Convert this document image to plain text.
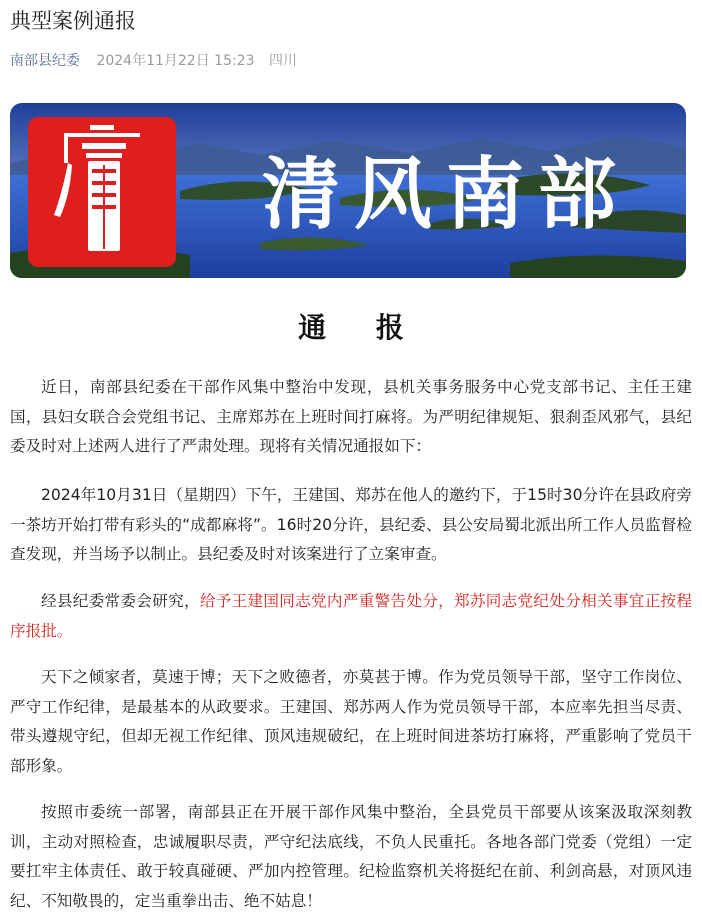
典型案例通报
南部县纪委 2024年11月22日 15:23 四川
清风南部
通 报

近日，南部县纪委在干部作风集中整治中发现，县机关事务服务中心党支部书记、主任王建国，县妇女联合会党组书记、主席郑苏在上班时间打麻将。为严明纪律规矩、狠刹歪风邪气，县纪委及时对上述两人进行了严肃处理。现将有关情况通报如下：

2024年10月31日（星期四）下午，王建国、郑苏在他人的邀约下，于15时30分许在县政府旁一茶坊开始打带有彩头的“成都麻将”。16时20分许，县纪委、县公安局蜀北派出所工作人员监督检查发现，并当场予以制止。县纪委及时对该案进行了立案审查。

经县纪委常委会研究，给予王建国同志党内严重警告处分，郑苏同志党纪处分相关事宜正按程序报批。

天下之倾家者，莫速于博；天下之败德者，亦莫甚于博。作为党员领导干部，坚守工作岗位、严守工作纪律，是最基本的从政要求。王建国、郑苏两人作为党员领导干部，本应率先担当尽责、带头遵规守纪，但却无视工作纪律、顶风违规破纪，在上班时间进茶坊打麻将，严重影响了党员干部形象。

按照市委统一部署，南部县正在开展干部作风集中整治，全县党员干部要从该案汲取深刻教训，主动对照检查，忠诚履职尽责，严守纪法底线，不负人民重托。各地各部门党委（党组）一定要扛牢主体责任、敢于较真碰硬、严加内控管理。纪检监察机关将挺纪在前、利剑高悬，对顶风违纪、不知敬畏的，定当重拳出击、绝不姑息！
